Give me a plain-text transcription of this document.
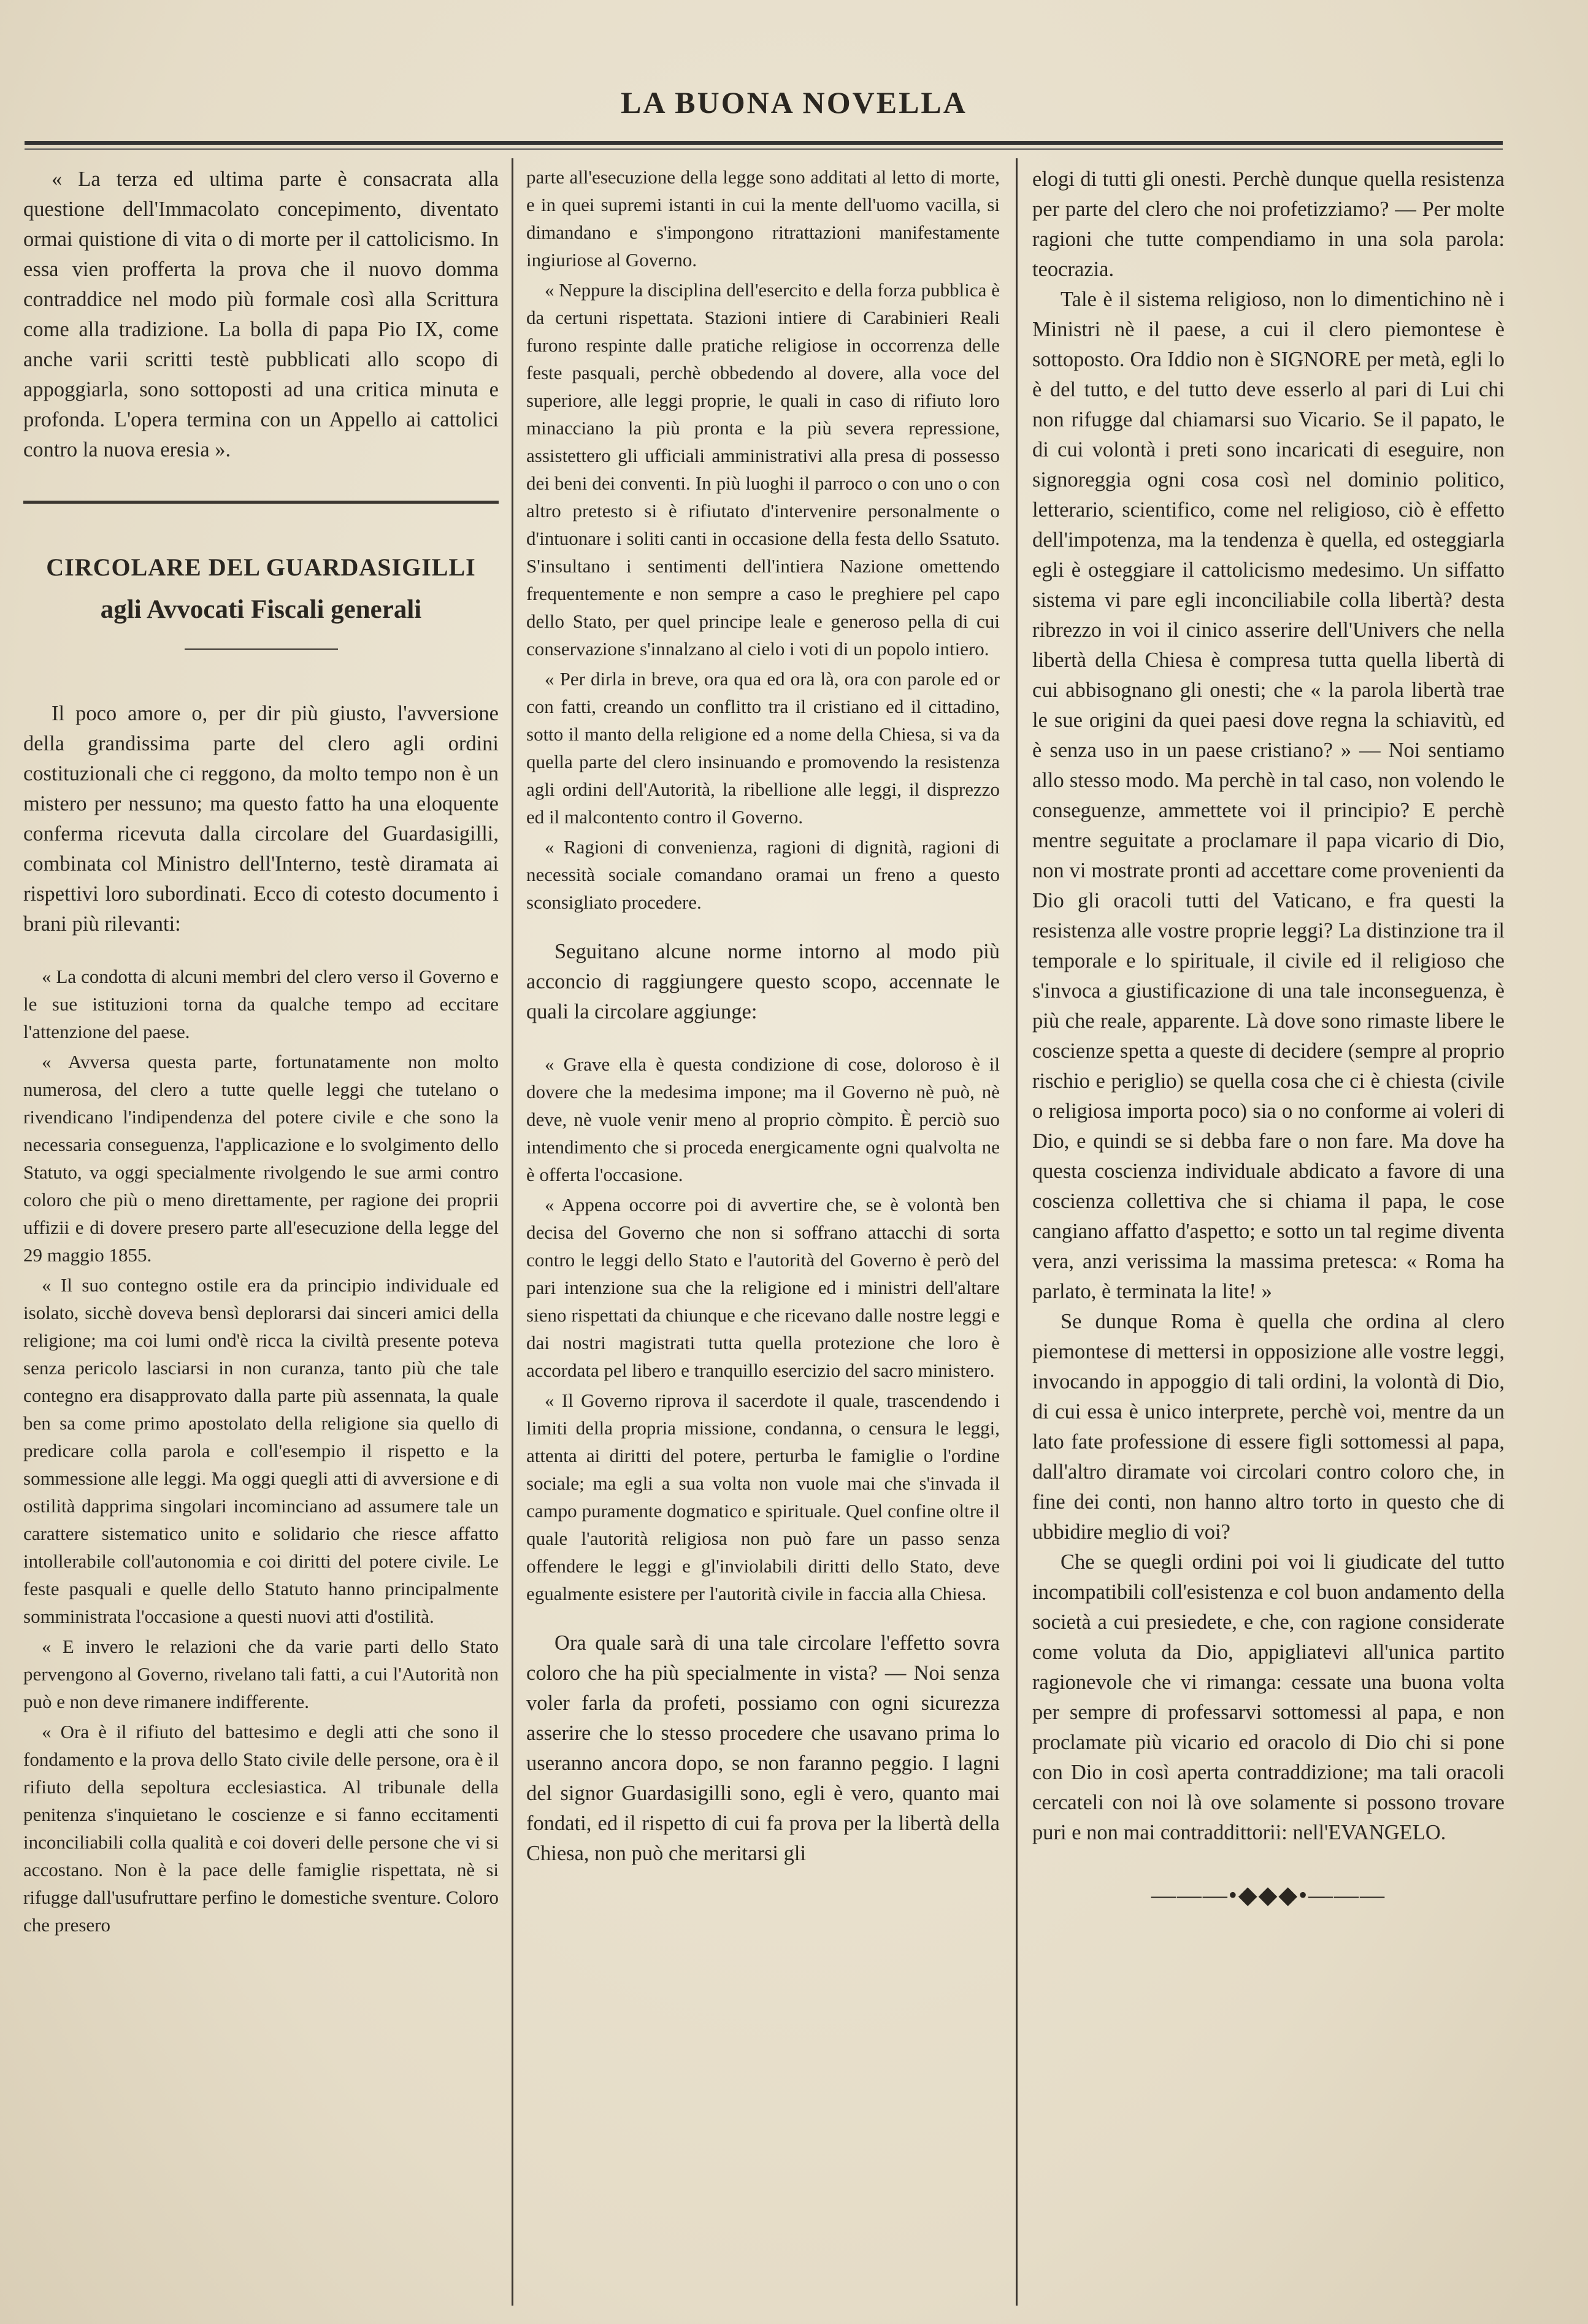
LA BUONA NOVELLA

« La terza ed ultima parte è consacrata alla questione dell'Immacolato concepimento, diventato ormai quistione di vita o di morte per il cattolicismo. In essa vien profferta la prova che il nuovo domma contraddice nel modo più formale così alla Scrittura come alla tradizione. La bolla di papa Pio IX, come anche varii scritti testè pubblicati allo scopo di appoggiarla, sono sottoposti ad una critica minuta e profonda. L'opera termina con un Appello ai cattolici contro la nuova eresia ».

CIRCOLARE DEL GUARDASIGILLI
agli Avvocati Fiscali generali

Il poco amore o, per dir più giusto, l'avversione della grandissima parte del clero agli ordini costituzionali che ci reggono, da molto tempo non è un mistero per nessuno; ma questo fatto ha una eloquente conferma ricevuta dalla circolare del Guardasigilli, combinata col Ministro dell'Interno, testè diramata ai rispettivi loro subordinati. Ecco di cotesto documento i brani più rilevanti:

« La condotta di alcuni membri del clero verso il Governo e le sue istituzioni torna da qualche tempo ad eccitare l'attenzione del paese.

« Avversa questa parte, fortunatamente non molto numerosa, del clero a tutte quelle leggi che tutelano o rivendicano l'indipendenza del potere civile e che sono la necessaria conseguenza, l'applicazione e lo svolgimento dello Statuto, va oggi specialmente rivolgendo le sue armi contro coloro che più o meno direttamente, per ragione dei proprii uffizii e di dovere presero parte all'esecuzione della legge del 29 maggio 1855.

« Il suo contegno ostile era da principio individuale ed isolato, sicchè doveva bensì deplorarsi dai sinceri amici della religione; ma coi lumi ond'è ricca la civiltà presente poteva senza pericolo lasciarsi in non curanza, tanto più che tale contegno era disapprovato dalla parte più assennata, la quale ben sa come primo apostolato della religione sia quello di predicare colla parola e coll'esempio il rispetto e la sommessione alle leggi. Ma oggi quegli atti di avversione e di ostilità dapprima singolari incominciano ad assumere tale un carattere sistematico unito e solidario che riesce affatto intollerabile coll'autonomia e coi diritti del potere civile. Le feste pasquali e quelle dello Statuto hanno principalmente somministrata l'occasione a questi nuovi atti d'ostilità.

« E invero le relazioni che da varie parti dello Stato pervengono al Governo, rivelano tali fatti, a cui l'Autorità non può e non deve rimanere indifferente.

« Ora è il rifiuto del battesimo e degli atti che sono il fondamento e la prova dello Stato civile delle persone, ora è il rifiuto della sepoltura ecclesiastica. Al tribunale della penitenza s'inquietano le coscienze e si fanno eccitamenti inconciliabili colla qualità e coi doveri delle persone che vi si accostano. Non è la pace delle famiglie rispettata, nè si rifugge dall'usufruttare perfino le domestiche sventure. Coloro che presero

parte all'esecuzione della legge sono additati al letto di morte, e in quei supremi istanti in cui la mente dell'uomo vacilla, si dimandano e s'impongono ritrattazioni manifestamente ingiuriose al Governo.

« Neppure la disciplina dell'esercito e della forza pubblica è da certuni rispettata. Stazioni intiere di Carabinieri Reali furono respinte dalle pratiche religiose in occorrenza delle feste pasquali, perchè obbedendo al dovere, alla voce del superiore, alle leggi proprie, le quali in caso di rifiuto loro minacciano la più pronta e la più severa repressione, assistettero gli ufficiali amministrativi alla presa di possesso dei beni dei conventi. In più luoghi il parroco o con uno o con altro pretesto si è rifiutato d'intervenire personalmente o d'intuonare i soliti canti in occasione della festa dello Ssatuto. S'insultano i sentimenti dell'intiera Nazione omettendo frequentemente e non sempre a caso le preghiere pel capo dello Stato, per quel principe leale e generoso pella di cui conservazione s'innalzano al cielo i voti di un popolo intiero.

« Per dirla in breve, ora qua ed ora là, ora con parole ed or con fatti, creando un conflitto tra il cristiano ed il cittadino, sotto il manto della religione ed a nome della Chiesa, si va da quella parte del clero insinuando e promovendo la resistenza agli ordini dell'Autorità, la ribellione alle leggi, il disprezzo ed il malcontento contro il Governo.

« Ragioni di convenienza, ragioni di dignità, ragioni di necessità sociale comandano oramai un freno a questo sconsigliato procedere.

Seguitano alcune norme intorno al modo più acconcio di raggiungere questo scopo, accennate le quali la circolare aggiunge:

« Grave ella è questa condizione di cose, doloroso è il dovere che la medesima impone; ma il Governo nè può, nè deve, nè vuole venir meno al proprio còmpito. È perciò suo intendimento che si proceda energicamente ogni qualvolta ne è offerta l'occasione.

« Appena occorre poi di avvertire che, se è volontà ben decisa del Governo che non si soffrano attacchi di sorta contro le leggi dello Stato e l'autorità del Governo è però del pari intenzione sua che la religione ed i ministri dell'altare sieno rispettati da chiunque e che ricevano dalle nostre leggi e dai nostri magistrati tutta quella protezione che loro è accordata pel libero e tranquillo esercizio del sacro ministero.

« Il Governo riprova il sacerdote il quale, trascendendo i limiti della propria missione, condanna, o censura le leggi, attenta ai diritti del potere, perturba le famiglie o l'ordine sociale; ma egli a sua volta non vuole mai che s'invada il campo puramente dogmatico e spirituale. Quel confine oltre il quale l'autorità religiosa non può fare un passo senza offendere le leggi e gl'inviolabili diritti dello Stato, deve egualmente esistere per l'autorità civile in faccia alla Chiesa.

Ora quale sarà di una tale circolare l'effetto sovra coloro che ha più specialmente in vista? — Noi senza voler farla da profeti, possiamo con ogni sicurezza asserire che lo stesso procedere che usavano prima lo useranno ancora dopo, se non faranno peggio. I lagni del signor Guardasigilli sono, egli è vero, quanto mai fondati, ed il rispetto di cui fa prova per la libertà della Chiesa, non può che meritarsi gli

elogi di tutti gli onesti. Perchè dunque quella resistenza per parte del clero che noi profetizziamo? — Per molte ragioni che tutte compendiamo in una sola parola: teocrazia.

Tale è il sistema religioso, non lo dimentichino nè i Ministri nè il paese, a cui il clero piemontese è sottoposto. Ora Iddio non è SIGNORE per metà, egli lo è del tutto, e del tutto deve esserlo al pari di Lui chi non rifugge dal chiamarsi suo Vicario. Se il papato, le di cui volontà i preti sono incaricati di eseguire, non signoreggia ogni cosa così nel dominio politico, letterario, scientifico, come nel religioso, ciò è effetto dell'impotenza, ma la tendenza è quella, ed osteggiarla egli è osteggiare il cattolicismo medesimo. Un siffatto sistema vi pare egli inconciliabile colla libertà? desta ribrezzo in voi il cinico asserire dell'Univers che nella libertà della Chiesa è compresa tutta quella libertà di cui abbisognano gli onesti; che « la parola libertà trae le sue origini da quei paesi dove regna la schiavitù, ed è senza uso in un paese cristiano? » — Noi sentiamo allo stesso modo. Ma perchè in tal caso, non volendo le conseguenze, ammettete voi il principio? E perchè mentre seguitate a proclamare il papa vicario di Dio, non vi mostrate pronti ad accettare come provenienti da Dio gli oracoli tutti del Vaticano, e fra questi la resistenza alle vostre proprie leggi? La distinzione tra il temporale e lo spirituale, il civile ed il religioso che s'invoca a giustificazione di una tale inconseguenza, è più che reale, apparente. Là dove sono rimaste libere le coscienze spetta a queste di decidere (sempre al proprio rischio e periglio) se quella cosa che ci è chiesta (civile o religiosa importa poco) sia o no conforme ai voleri di Dio, e quindi se si debba fare o non fare. Ma dove ha questa coscienza individuale abdicato a favore di una coscienza collettiva che si chiama il papa, le cose cangiano affatto d'aspetto; e sotto un tal regime diventa vera, anzi verissima la massima pretesca: « Roma ha parlato, è terminata la lite! »

Se dunque Roma è quella che ordina al clero piemontese di mettersi in opposizione alle vostre leggi, invocando in appoggio di tali ordini, la volontà di Dio, di cui essa è unico interprete, perchè voi, mentre da un lato fate professione di essere figli sottomessi al papa, dall'altro diramate voi circolari contro coloro che, in fine dei conti, non hanno altro torto in questo che di ubbidire meglio di voi?

Che se quegli ordini poi voi li giudicate del tutto incompatibili coll'esistenza e col buon andamento della società a cui presiedete, e che, con ragione considerate come voluta da Dio, appigliatevi all'unica partito ragionevole che vi rimanga: cessate una buona volta per sempre di professarvi sottomessi al papa, e non proclamate più vicario ed oracolo di Dio chi si pone con Dio in così aperta contraddizione; ma tali oracoli cercateli con noi là ove solamente si possono trovare puri e non mai contraddittorii: nell'EVANGELO.

———•◆◆◆•———
